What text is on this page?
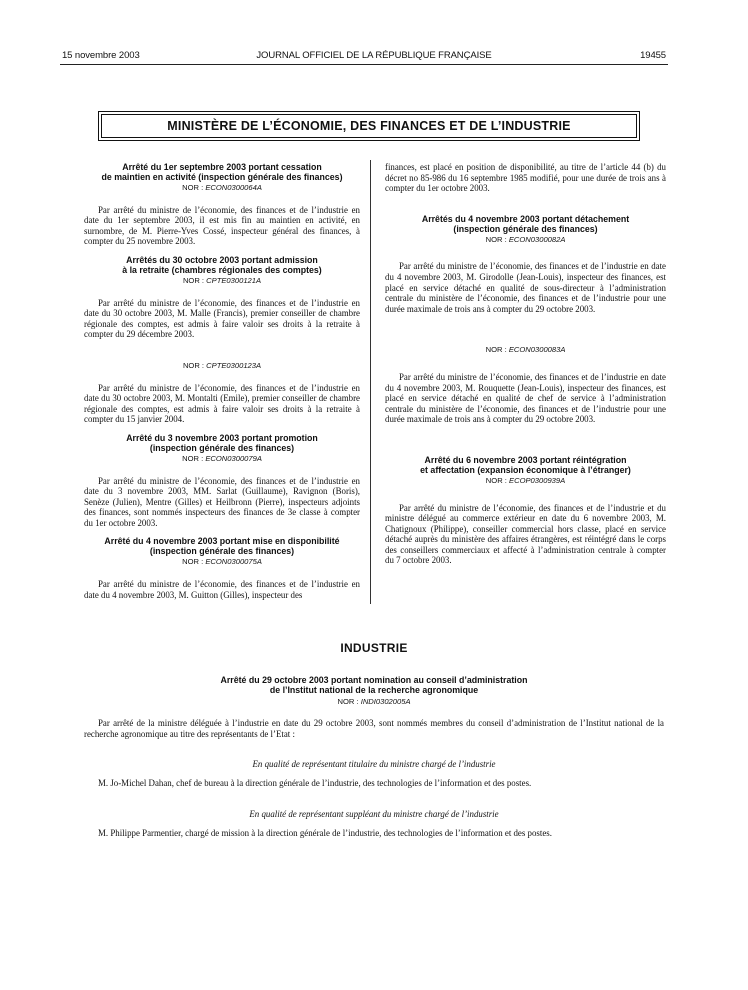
15 novembre 2003	JOURNAL OFFICIEL DE LA RÉPUBLIQUE FRANÇAISE	19455
MINISTÈRE DE L’ÉCONOMIE, DES FINANCES ET DE L’INDUSTRIE

Arrêté du 1er septembre 2003 portant cessation
de maintien en activité (inspection générale des finances)

NOR : ECON0300064A

Par arrêté du ministre de l’économie, des finances et de l’industrie en date du 1er septembre 2003, il est mis fin au maintien en activité, en surnombre, de M. Pierre-Yves Cossé, inspecteur général des finances, à compter du 25 novembre 2003.

Arrêtés du 30 octobre 2003 portant admission
à la retraite (chambres régionales des comptes)

NOR : CPTE0300121A

Par arrêté du ministre de l’économie, des finances et de l’industrie en date du 30 octobre 2003, M. Malle (Francis), premier conseiller de chambre régionale des comptes, est admis à faire valoir ses droits à la retraite à compter du 29 décembre 2003.

NOR : CPTE0300123A

Par arrêté du ministre de l’économie, des finances et de l’industrie en date du 30 octobre 2003, M. Montalti (Emile), premier conseiller de chambre régionale des comptes, est admis à faire valoir ses droits à la retraite à compter du 15 janvier 2004.

Arrêté du 3 novembre 2003 portant promotion
(inspection générale des finances)

NOR : ECON0300079A

Par arrêté du ministre de l’économie, des finances et de l’industrie en date du 3 novembre 2003, MM. Sarlat (Guillaume), Ravignon (Boris), Senèze (Julien), Mentre (Gilles) et Heilbronn (Pierre), inspecteurs adjoints des finances, sont nommés inspecteurs des finances de 3e classe à compter du 1er octobre 2003.

Arrêté du 4 novembre 2003 portant mise en disponibilité
(inspection générale des finances)

NOR : ECON0300075A

Par arrêté du ministre de l’économie, des finances et de l’industrie en date du 4 novembre 2003, M. Guitton (Gilles), inspecteur des

finances, est placé en position de disponibilité, au titre de l’article 44 (b) du décret no 85-986 du 16 septembre 1985 modifié, pour une durée de trois ans à compter du 1er octobre 2003.

Arrêtés du 4 novembre 2003 portant détachement
(inspection générale des finances)

NOR : ECON0300082A

Par arrêté du ministre de l’économie, des finances et de l’industrie en date du 4 novembre 2003, M. Girodolle (Jean-Louis), inspecteur des finances, est placé en service détaché en qualité de sous-directeur à l’administration centrale du ministère de l’économie, des finances et de l’industrie pour une durée maximale de trois ans à compter du 29 octobre 2003.

NOR : ECON0300083A

Par arrêté du ministre de l’économie, des finances et de l’industrie en date du 4 novembre 2003, M. Rouquette (Jean-Louis), inspecteur des finances, est placé en service détaché en qualité de chef de service à l’administration centrale du ministère de l’économie, des finances et de l’industrie pour une durée maximale de trois ans à compter du 29 octobre 2003.

Arrêté du 6 novembre 2003 portant réintégration
et affectation (expansion économique à l’étranger)

NOR : ECOP0300939A

Par arrêté du ministre de l’économie, des finances et de l’industrie et du ministre délégué au commerce extérieur en date du 6 novembre 2003, M. Chatignoux (Philippe), conseiller commercial hors classe, placé en service détaché auprès du ministère des affaires étrangères, est réintégré dans le corps des conseillers commerciaux et affecté à l’administration centrale à compter du 7 octobre 2003.

INDUSTRIE

Arrêté du 29 octobre 2003 portant nomination au conseil d’administration
de l’Institut national de la recherche agronomique

NOR : INDI0302005A

Par arrêté de la ministre déléguée à l’industrie en date du 29 octobre 2003, sont nommés membres du conseil d’administration de l’Institut national de la recherche agronomique au titre des représentants de l’Etat :

En qualité de représentant titulaire du ministre chargé de l’industrie

M. Jo-Michel Dahan, chef de bureau à la direction générale de l’industrie, des technologies de l’information et des postes.

En qualité de représentant suppléant du ministre chargé de l’industrie

M. Philippe Parmentier, chargé de mission à la direction générale de l’industrie, des technologies de l’information et des postes.
